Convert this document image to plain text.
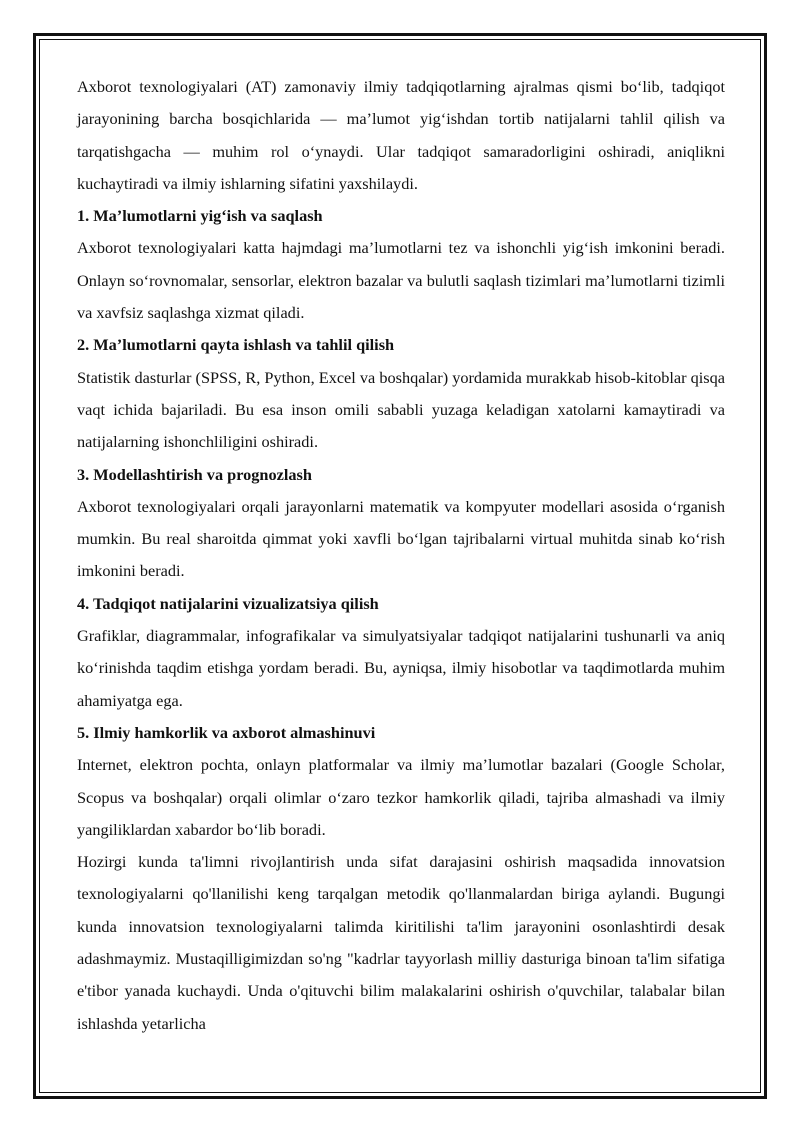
Axborot texnologiyalari (AT) zamonaviy ilmiy tadqiqotlarning ajralmas qismi bo‘lib, tadqiqot jarayonining barcha bosqichlarida — ma’lumot yig‘ishdan tortib natijalarni tahlil qilish va tarqatishgacha — muhim rol o‘ynaydi. Ular tadqiqot samaradorligini oshiradi, aniqlikni kuchaytiradi va ilmiy ishlarning sifatini yaxshilaydi.

1. Ma’lumotlarni yig‘ish va saqlash

Axborot texnologiyalari katta hajmdagi ma’lumotlarni tez va ishonchli yig‘ish imkonini beradi. Onlayn so‘rovnomalar, sensorlar, elektron bazalar va bulutli saqlash tizimlari ma’lumotlarni tizimli va xavfsiz saqlashga xizmat qiladi.

2. Ma’lumotlarni qayta ishlash va tahlil qilish

Statistik dasturlar (SPSS, R, Python, Excel va boshqalar) yordamida murakkab hisob-kitoblar qisqa vaqt ichida bajariladi. Bu esa inson omili sababli yuzaga keladigan xatolarni kamaytiradi va natijalarning ishonchliligini oshiradi.

3. Modellashtirish va prognozlash

Axborot texnologiyalari orqali jarayonlarni matematik va kompyuter modellari asosida o‘rganish mumkin. Bu real sharoitda qimmat yoki xavfli bo‘lgan tajribalarni virtual muhitda sinab ko‘rish imkonini beradi.

4. Tadqiqot natijalarini vizualizatsiya qilish

Grafiklar, diagrammalar, infografikalar va simulyatsiyalar tadqiqot natijalarini tushunarli va aniq ko‘rinishda taqdim etishga yordam beradi. Bu, ayniqsa, ilmiy hisobotlar va taqdimotlarda muhim ahamiyatga ega.

5. Ilmiy hamkorlik va axborot almashinuvi

Internet, elektron pochta, onlayn platformalar va ilmiy ma’lumotlar bazalari (Google Scholar, Scopus va boshqalar) orqali olimlar o‘zaro tezkor hamkorlik qiladi, tajriba almashadi va ilmiy yangiliklardan xabardor bo‘lib boradi.

Hozirgi kunda ta'limni rivojlantirish unda sifat darajasini oshirish maqsadida innovatsion texnologiyalarni qo'llanilishi keng tarqalgan metodik qo'llanmalardan biriga aylandi. Bugungi kunda innovatsion texnologiyalarni talimda kiritilishi ta'lim jarayonini osonlashtirdi desak adashmaymiz. Mustaqilligimizdan so'ng "kadrlar tayyorlash milliy dasturiga binoan ta'lim sifatiga e'tibor yanada kuchaydi. Unda o'qituvchi bilim malakalarini oshirish o'quvchilar, talabalar bilan ishlashda yetarlicha
